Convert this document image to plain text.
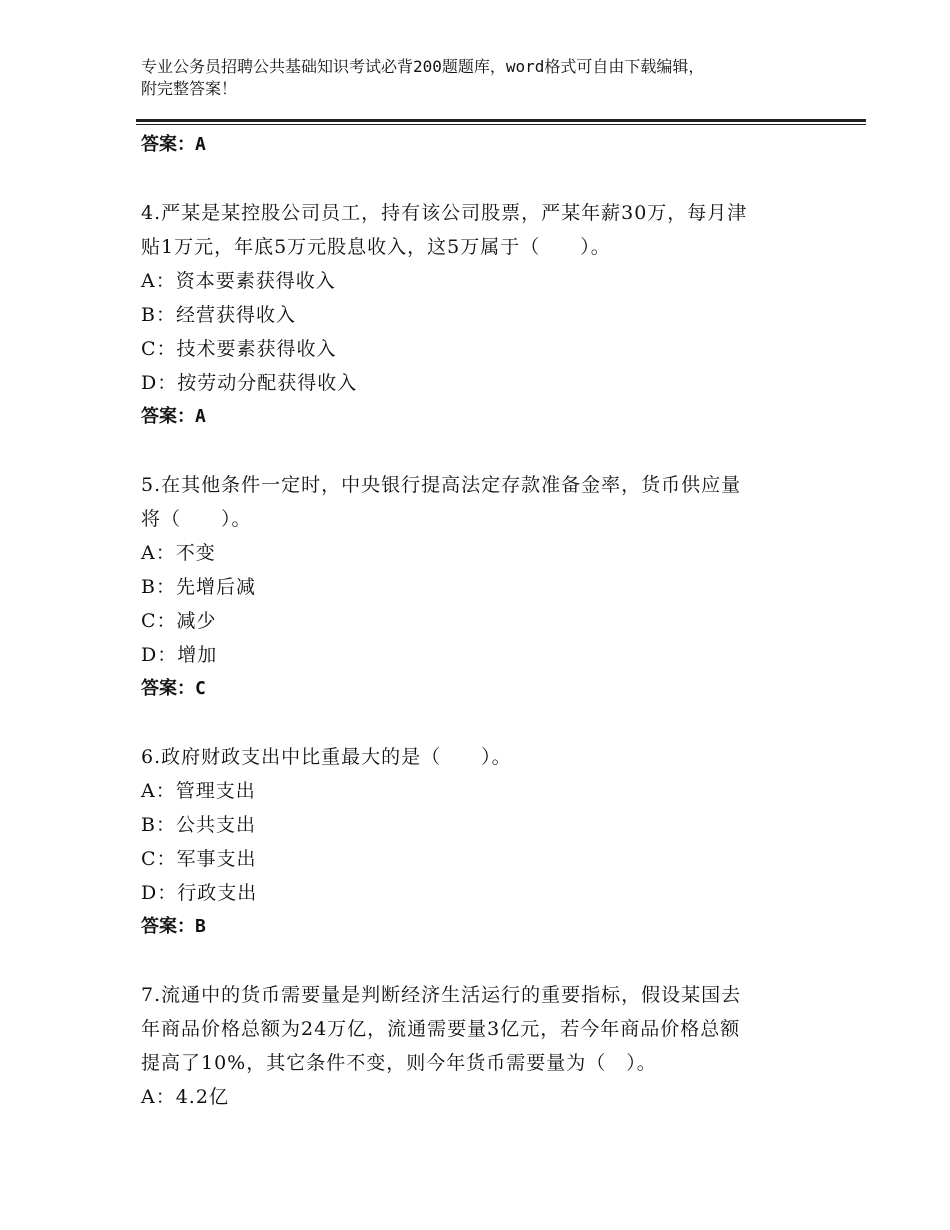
专业公务员招聘公共基础知识考试必背200题题库，word格式可自由下载编辑，
附完整答案！

答案：A

4.严某是某控股公司员工，持有该公司股票，严某年薪30万，每月津

贴1万元，年底5万元股息收入，这5万属于（　　）。

A：资本要素获得收入

B：经营获得收入

C：技术要素获得收入

D：按劳动分配获得收入

答案：A

5.在其他条件一定时，中央银行提高法定存款准备金率，货币供应量

将（　　）。

A：不变

B：先增后减

C：减少

D：增加

答案：C

6.政府财政支出中比重最大的是（　　）。

A：管理支出

B：公共支出

C：军事支出

D：行政支出

答案：B

7.流通中的货币需要量是判断经济生活运行的重要指标，假设某国去

年商品价格总额为24万亿，流通需要量3亿元，若今年商品价格总额

提高了10%，其它条件不变，则今年货币需要量为（　）。

A：4.2亿
